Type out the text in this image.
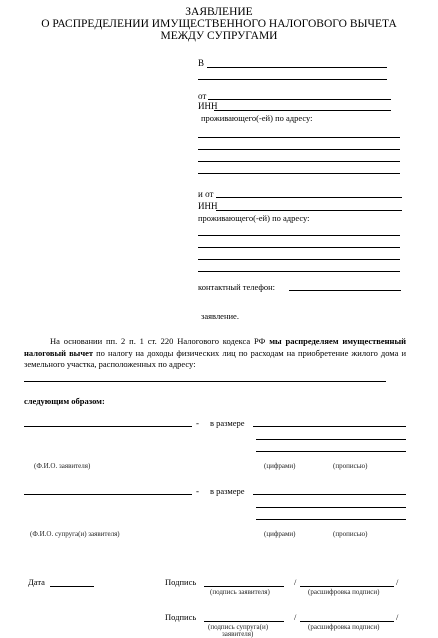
ЗАЯВЛЕНИЕ
О РАСПРЕДЕЛЕНИИ ИМУЩЕСТВЕННОГО НАЛОГОВОГО ВЫЧЕТА
МЕЖДУ СУПРУГАМИ
В
от
ИНН
проживающего(-ей) по адресу:
и от
ИНН
проживающего(-ей) по адресу:
контактный телефон:
заявление.
На основании пп. 2 п. 1 ст. 220 Налогового кодекса РФ мы распределяем имущественный налоговый вычет по налогу на доходы физических лиц по расходам на приобретение жилого дома и земельного участка, расположенных по адресу:
следующим образом:
- в размере
(Ф.И.О. заявителя)	(цифрами)	(прописью)
- в размере
(Ф.И.О. супруга(и) заявителя)	(цифрами)	(прописью)
Дата	Подпись	/	/
(подпись заявителя)	(расшифровка подписи)
Подпись	/	/
(подпись супруга(и)	(расшифровка подписи)
заявителя)
